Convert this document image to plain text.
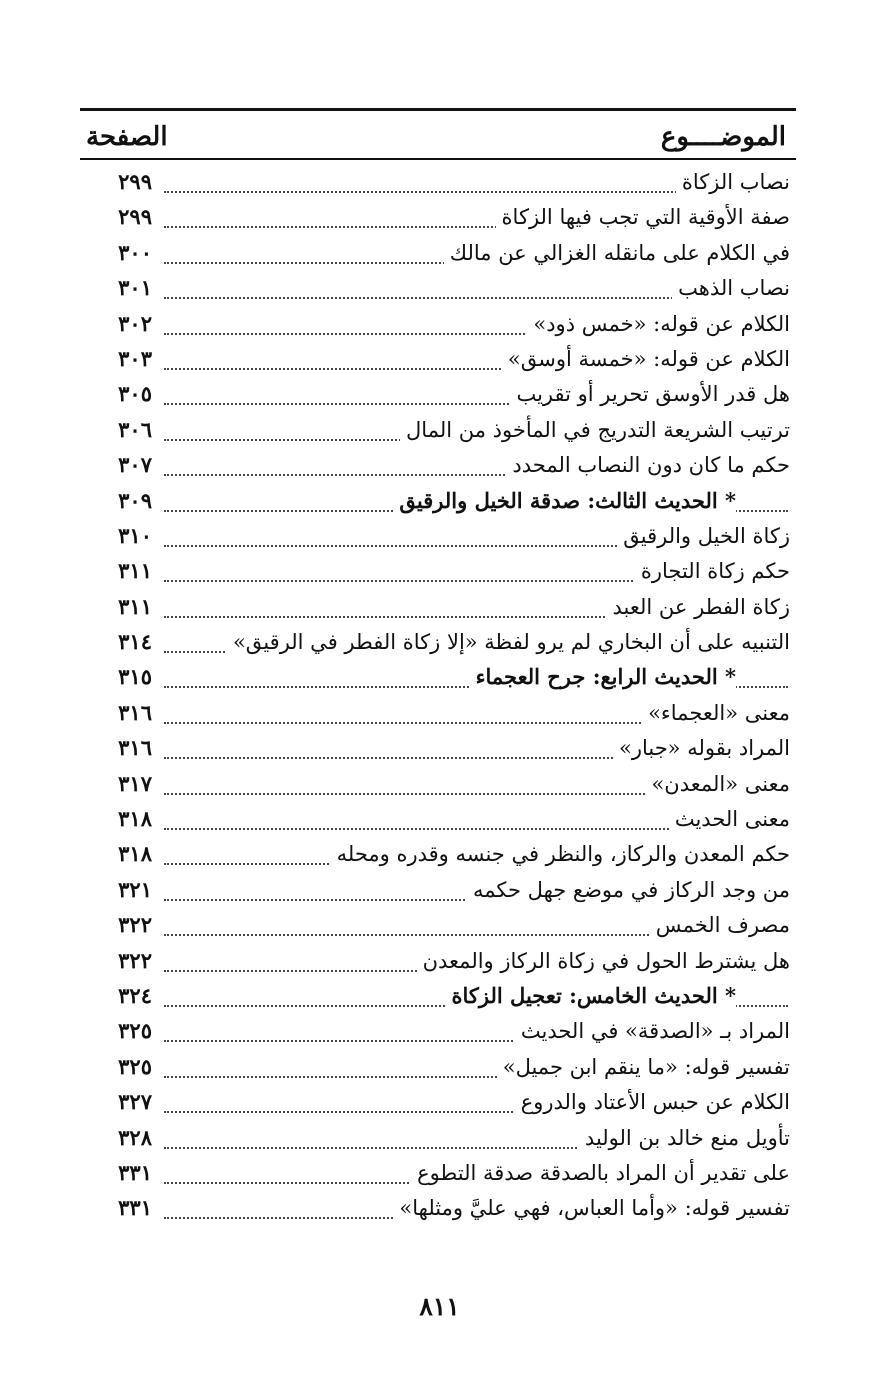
الموضــــوع
الصفحة
نصاب الزكاة
٢٩٩
صفة الأوقية التي تجب فيها الزكاة
٢٩٩
في الكلام على مانقله الغزالي عن مالك
٣٠٠
نصاب الذهب
٣٠١
الكلام عن قوله: «خمس ذود»
٣٠٢
الكلام عن قوله: «خمسة أوسق»
٣٠٣
هل قدر الأوسق تحرير أو تقريب
٣٠٥
ترتيب الشريعة التدريج في المأخوذ من المال
٣٠٦
حكم ما كان دون النصاب المحدد
٣٠٧
* الحديث الثالث: صدقة الخيل والرقيق
٣٠٩
زكاة الخيل والرقيق
٣١٠
حكم زكاة التجارة
٣١١
زكاة الفطر عن العبد
٣١١
التنبيه على أن البخاري لم يرو لفظة «إلا زكاة الفطر في الرقيق»
٣١٤
* الحديث الرابع: جرح العجماء
٣١٥
معنى «العجماء»
٣١٦
المراد بقوله «جبار»
٣١٦
معنى «المعدن»
٣١٧
معنى الحديث
٣١٨
حكم المعدن والركاز، والنظر في جنسه وقدره ومحله
٣١٨
من وجد الركاز في موضع جهل حكمه
٣٢١
مصرف الخمس
٣٢٢
هل يشترط الحول في زكاة الركاز والمعدن
٣٢٢
* الحديث الخامس: تعجيل الزكاة
٣٢٤
المراد بـ «الصدقة» في الحديث
٣٢٥
تفسير قوله: «ما ينقم ابن جميل»
٣٢٥
الكلام عن حبس الأعتاد والدروع
٣٢٧
تأويل منع خالد بن الوليد
٣٢٨
على تقدير أن المراد بالصدقة صدقة التطوع
٣٣١
تفسير قوله: «وأما العباس، فهي عليَّ ومثلها»
٣٣١
٨١١
